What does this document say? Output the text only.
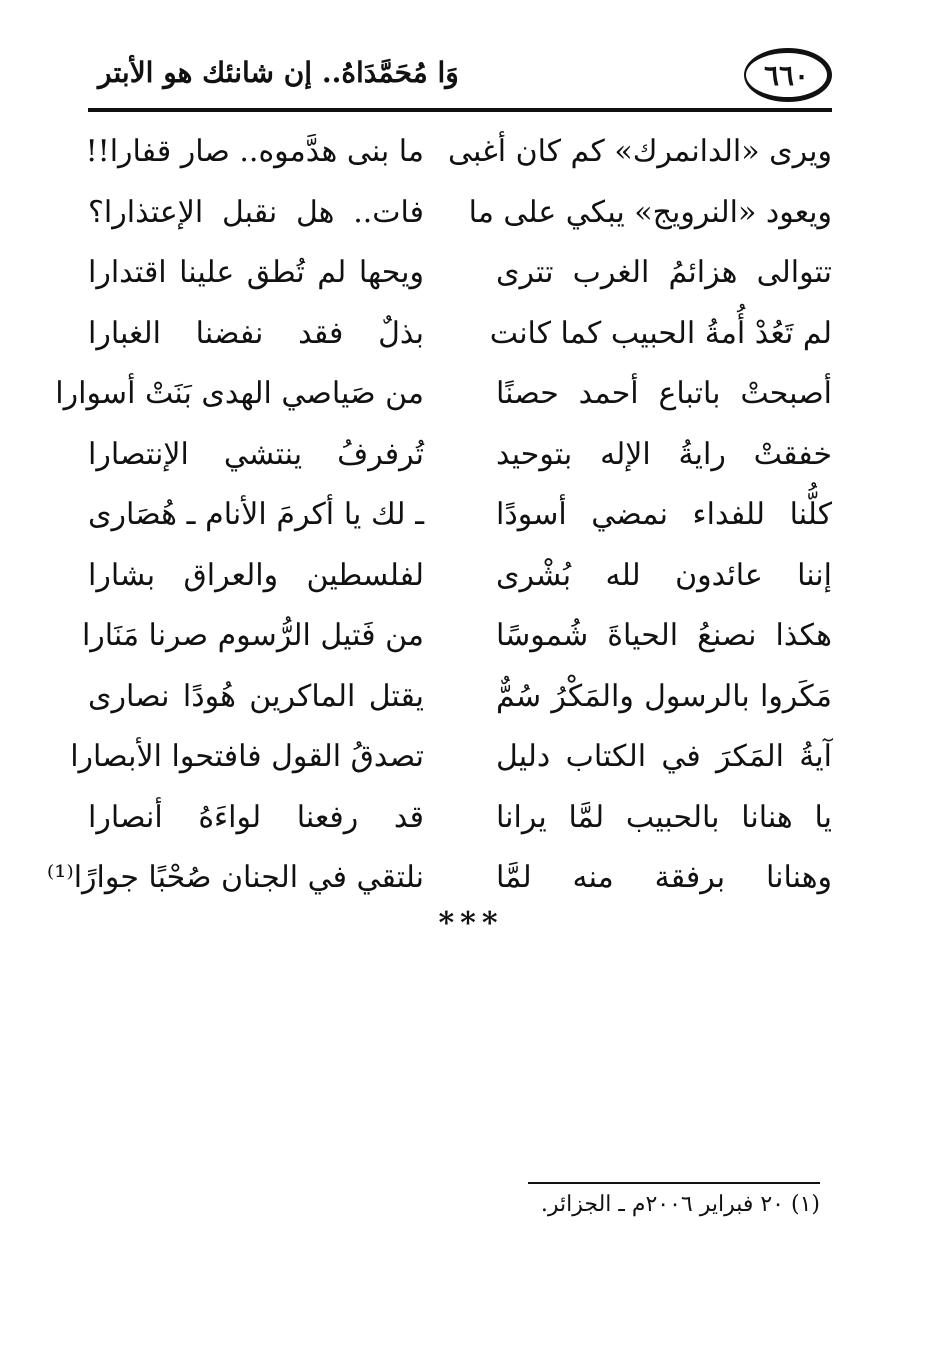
وَا مُحَمَّدَاهُ.. إن شانئك هو الأبتر	٦٦٠
ويرى «الدانمرك» كم كان أغبى
ما بنى هدَّموه.. صار قفارا!!
ويعود «النرويج» يبكي على ما
فات.. هل نقبل الإعتذارا؟
تتوالى هزائمُ الغرب تترى
ويحها لم تُطق علينا اقتدارا
لم تَعُدْ أُمةُ الحبيب كما كانت
بذلٌ فقد نفضنا الغبارا
أصبحتْ باتباع أحمد حصنًا
من صَياصي الهدى بَنَتْ أسوارا
خفقتْ رايةُ الإله بتوحيد
تُرفرفُ ينتشي الإنتصارا
كلُّنا للفداء نمضي أسودًا
ـ لك يا أكرمَ الأنام ـ هُصَارى
إننا عائدون لله بُشْرى
لفلسطين والعراق بشارا
هكذا نصنعُ الحياةَ شُموسًا
من فَتيل الرُّسوم صرنا مَنَارا
مَكَروا بالرسول والمَكْرُ سُمٌّ
يقتل الماكرين هُودًا نصارى
آيةُ المَكرَ في الكتاب دليل
تصدقُ القول فافتحوا الأبصارا
يا هنانا بالحبيب لمَّا يرانا
قد رفعنا لواءَهُ أنصارا
وهنانا برفقة منه لمَّا
نلتقي في الجنان صُحْبًا جوارًا⁽¹⁾
***
(١) ٢٠ فبراير ٢٠٠٦م ـ الجزائر.
